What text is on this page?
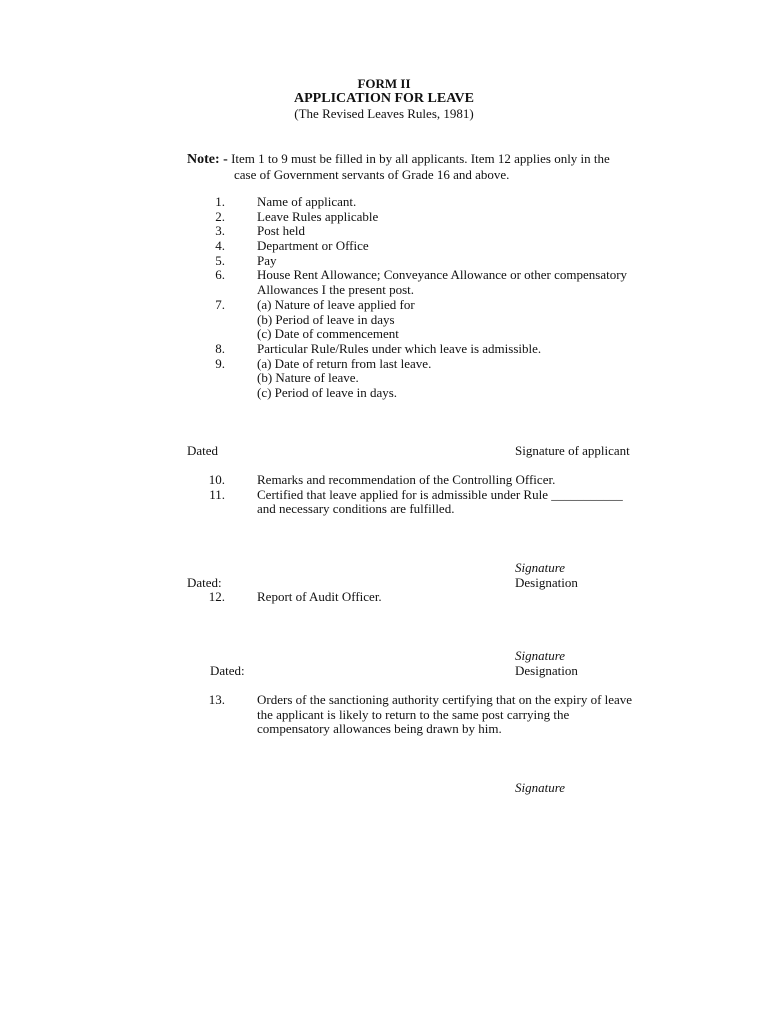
FORM II
APPLICATION FOR LEAVE
(The Revised Leaves Rules, 1981)
Note: - Item 1 to 9 must be filled in by all applicants. Item 12 applies only in the
case of Government servants of Grade 16 and above.
1. Name of applicant.
2. Leave Rules applicable
3. Post held
4. Department or Office
5. Pay
6. House Rent Allowance; Conveyance Allowance or other compensatory
Allowances I the present post.
7. (a) Nature of leave applied for
(b) Period of leave in days
(c) Date of commencement
8. Particular Rule/Rules under which leave is admissible.
9. (a) Date of return from last leave.
(b) Nature of leave.
(c) Period of leave in days.
Dated	Signature of applicant
10. Remarks and recommendation of the Controlling Officer.
11. Certified that leave applied for is admissible under Rule ___________
and necessary conditions are fulfilled.
Signature
Dated:	Designation
12. Report of Audit Officer.
Signature
Dated:	Designation
13. Orders of the sanctioning authority certifying that on the expiry of leave
the applicant is likely to return to the same post carrying the
compensatory allowances being drawn by him.
Signature
